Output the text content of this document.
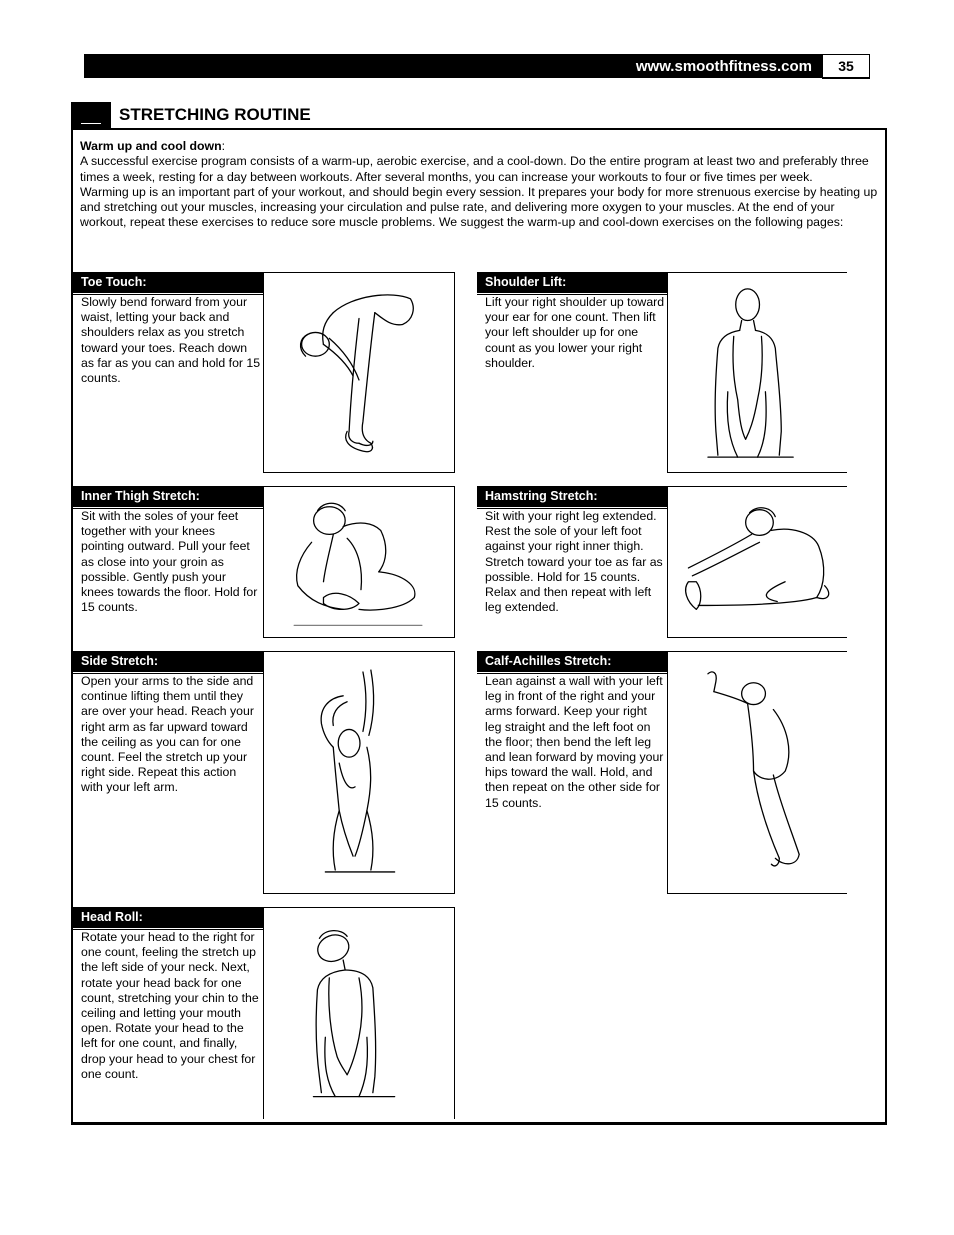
www.smoothfitness.com	35
STRETCHING ROUTINE

Warm up and cool down:

A successful exercise program consists of a warm-up, aerobic exercise, and a cool-down. Do the entire program at least two and preferably three times a week, resting for a day between workouts. After several months, you can increase your workouts to four or five times per week.

Warming up is an important part of your workout, and should begin every session. It prepares your body for more strenuous exercise by heating up and stretching out your muscles, increasing your circulation and pulse rate, and delivering more oxygen to your muscles. At the end of your workout, repeat these exercises to reduce sore muscle problems. We suggest the warm-up and cool-down exercises on the following pages:

Toe Touch:
Slowly bend forward from your waist, letting your back and shoulders relax as you stretch toward your toes. Reach down as far as you can and hold for 15 counts.
Shoulder Lift:
Lift your right shoulder up toward your ear for one count. Then lift your left shoulder up for one count as you lower your right shoulder.
Inner Thigh Stretch:
Sit with the soles of your feet together with your knees pointing outward. Pull your feet as close into your groin as possible. Gently push your knees towards the floor. Hold for 15 counts.
Hamstring Stretch:
Sit with your right leg extended. Rest the sole of your left foot against your right inner thigh. Stretch toward your toe as far as possible. Hold for 15 counts. Relax and then repeat with left leg extended.
Side Stretch:
Open your arms to the side and continue lifting them until they are over your head. Reach your right arm as far upward toward the ceiling as you can for one count. Feel the stretch up your right side. Repeat this action with your left arm.
Calf-Achilles Stretch:
Lean against a wall with your left leg in front of the right and your arms forward. Keep your right leg straight and the left foot on the floor; then bend the left leg and lean forward by moving your hips toward the wall. Hold, and then repeat on the other side for 15 counts.
Head Roll:
Rotate your head to the right for one count, feeling the stretch up the left side of your neck. Next, rotate your head back for one count, stretching your chin to the ceiling and letting your mouth open. Rotate your head to the left for one count, and finally, drop your head to your chest for one count.
